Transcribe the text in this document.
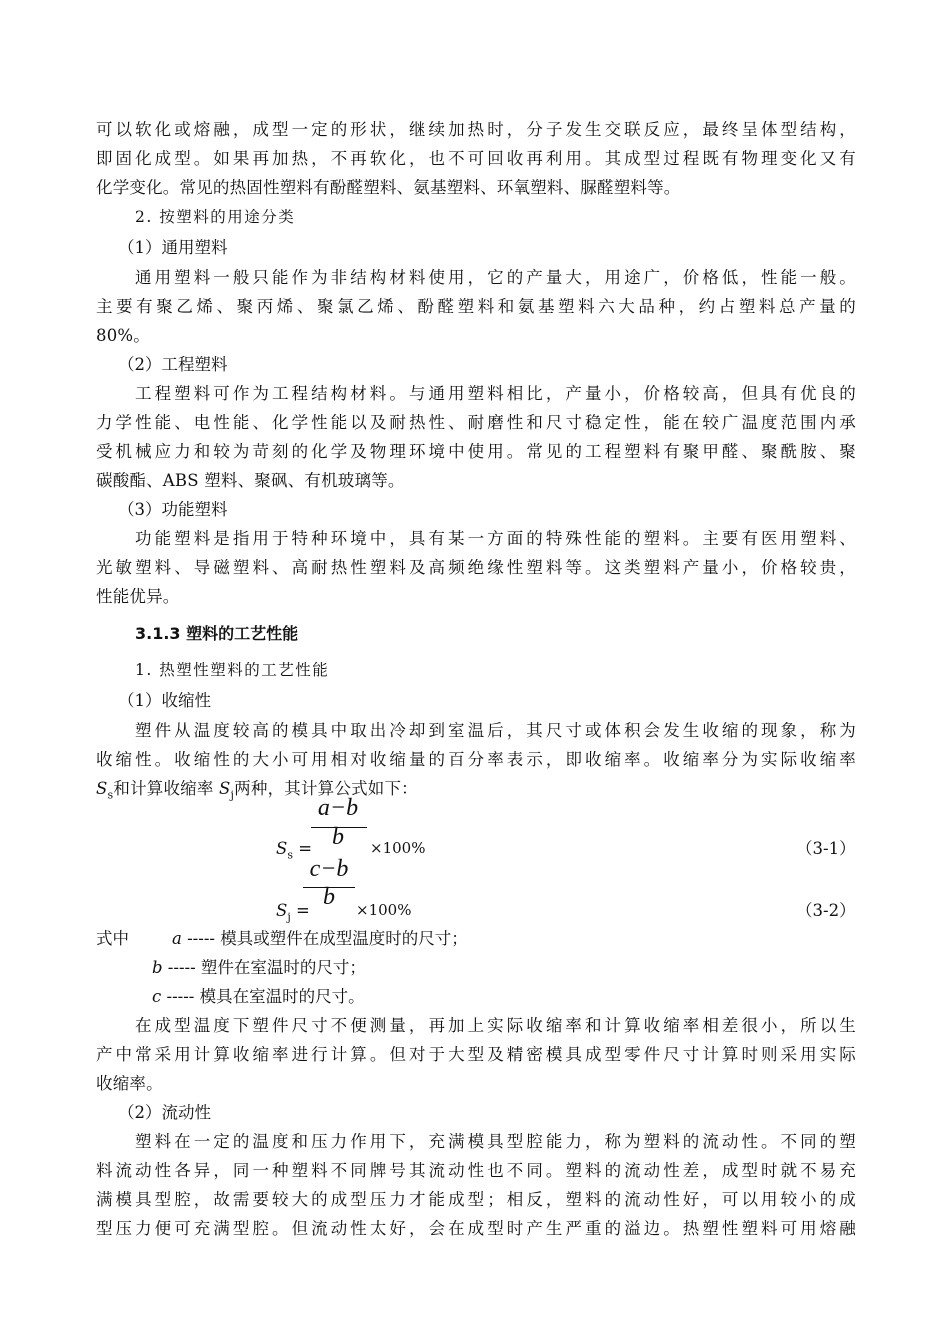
可以软化或熔融，成型一定的形状，继续加热时，分子发生交联反应，最终呈体型结构，
即固化成型。如果再加热，不再软化，也不可回收再利用。其成型过程既有物理变化又有
化学变化。常见的热固性塑料有酚醛塑料、氨基塑料、环氧塑料、脲醛塑料等。
2. 按塑料的用途分类
（1）通用塑料
通用塑料一般只能作为非结构材料使用，它的产量大，用途广，价格低，性能一般。
主要有聚乙烯、聚丙烯、聚氯乙烯、酚醛塑料和氨基塑料六大品种，约占塑料总产量的
80%。
（2）工程塑料
工程塑料可作为工程结构材料。与通用塑料相比，产量小，价格较高，但具有优良的
力学性能、电性能、化学性能以及耐热性、耐磨性和尺寸稳定性，能在较广温度范围内承
受机械应力和较为苛刻的化学及物理环境中使用。常见的工程塑料有聚甲醛、聚酰胺、聚
碳酸酯、ABS 塑料、聚砜、有机玻璃等。
（3）功能塑料
功能塑料是指用于特种环境中，具有某一方面的特殊性能的塑料。主要有医用塑料、
光敏塑料、导磁塑料、高耐热性塑料及高频绝缘性塑料等。这类塑料产量小，价格较贵，
性能优异。
3.1.3 塑料的工艺性能
1. 热塑性塑料的工艺性能
（1）收缩性
塑件从温度较高的模具中取出冷却到室温后，其尺寸或体积会发生收缩的现象，称为
收缩性。收缩性的大小可用相对收缩量的百分率表示，即收缩率。收缩率分为实际收缩率
$S_s$和计算收缩率 $S_j$两种，其计算公式如下：
a−b
b
$S_s$ =	×100%	（3-1）
c−b
b
$S_j$ =	×100%	（3-2）
式中	a ----- 模具或塑件在成型温度时的尺寸；
b ----- 塑件在室温时的尺寸；
c ----- 模具在室温时的尺寸。
在成型温度下塑件尺寸不便测量，再加上实际收缩率和计算收缩率相差很小，所以生
产中常采用计算收缩率进行计算。但对于大型及精密模具成型零件尺寸计算时则采用实际
收缩率。
（2）流动性
塑料在一定的温度和压力作用下，充满模具型腔能力，称为塑料的流动性。不同的塑
料流动性各异，同一种塑料不同牌号其流动性也不同。塑料的流动性差，成型时就不易充
满模具型腔，故需要较大的成型压力才能成型；相反，塑料的流动性好，可以用较小的成
型压力便可充满型腔。但流动性太好，会在成型时产生严重的溢边。热塑性塑料可用熔融
